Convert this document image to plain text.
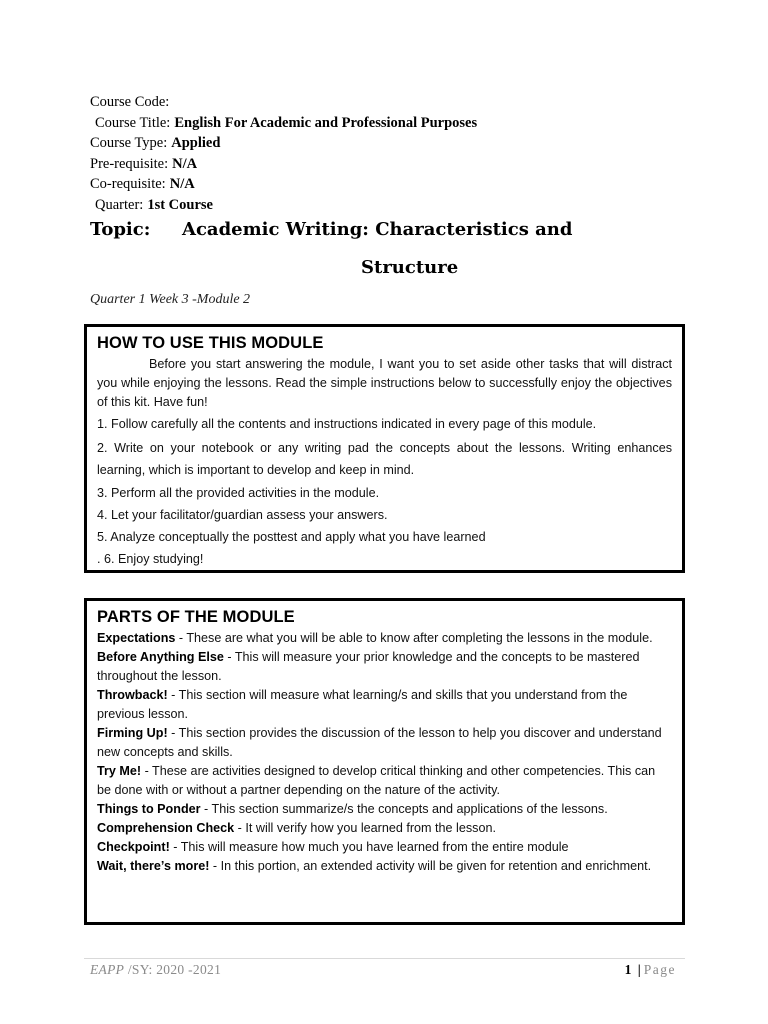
Course Code:
Course Title: English For Academic and Professional Purposes
Course Type: Applied
Pre-requisite: N/A
Co-requisite: N/A
Quarter: 1st Course
Topic: Academic Writing: Characteristics and
Structure
Quarter 1 Week 3 -Module 2
HOW TO USE THIS MODULE
Before you start answering the module, I want you to set aside other tasks that will distract you while enjoying the lessons. Read the simple instructions below to successfully enjoy the objectives of this kit. Have fun!
1. Follow carefully all the contents and instructions indicated in every page of this module.
2. Write on your notebook or any writing pad the concepts about the lessons. Writing enhances learning, which is important to develop and keep in mind.
3. Perform all the provided activities in the module.
4. Let your facilitator/guardian assess your answers.
5. Analyze conceptually the posttest and apply what you have learned
. 6. Enjoy studying!
PARTS OF THE MODULE
Expectations - These are what you will be able to know after completing the lessons in the module.
Before Anything Else - This will measure your prior knowledge and the concepts to be mastered throughout the lesson.
Throwback! - This section will measure what learning/s and skills that you understand from the previous lesson.
Firming Up! - This section provides the discussion of the lesson to help you discover and understand new concepts and skills.
Try Me! - These are activities designed to develop critical thinking and other competencies. This can be done with or without a partner depending on the nature of the activity.
Things to Ponder - This section summarize/s the concepts and applications of the lessons.
Comprehension Check - It will verify how you learned from the lesson.
Checkpoint! - This will measure how much you have learned from the entire module
Wait, there’s more! - In this portion, an extended activity will be given for retention and enrichment.
EAPP /SY: 2020 -2021	1 |Page
